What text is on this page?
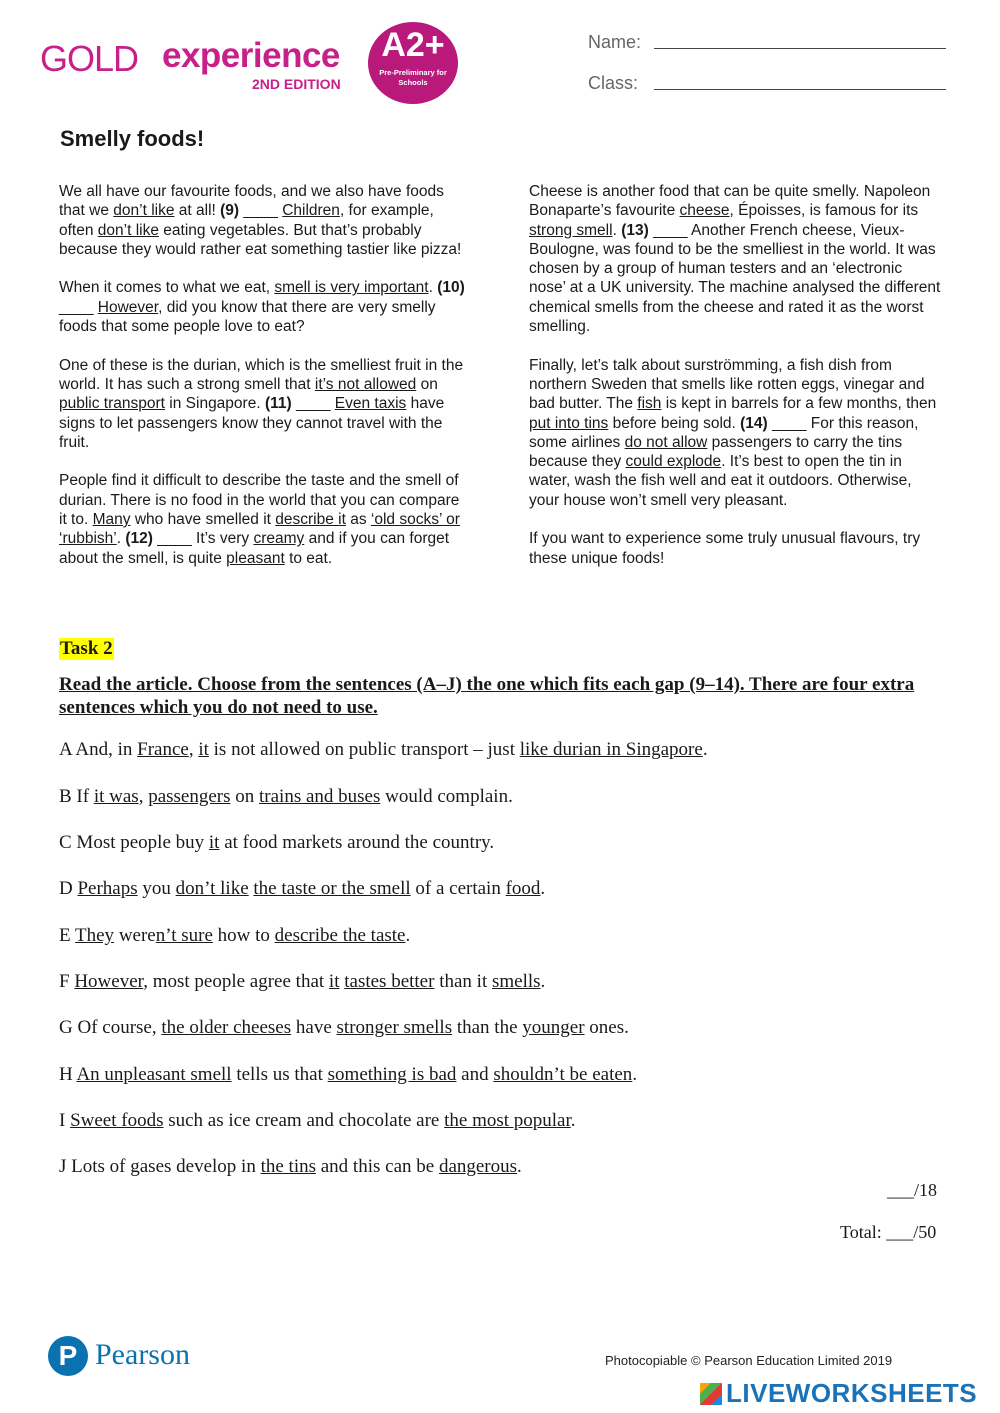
GOLD experience
2ND EDITION
A2+
Pre-Preliminary for Schools
Name:
Class:
Smelly foods!

We all have our favourite foods, and we also have foods that we don’t like at all! (9) ____ Children, for example, often don’t like eating vegetables. But that’s probably because they would rather eat something tastier like pizza!

When it comes to what we eat, smell is very important. (10) ____ However, did you know that there are very smelly foods that some people love to eat?

One of these is the durian, which is the smelliest fruit in the world. It has such a strong smell that it’s not allowed on public transport in Singapore. (11) ____ Even taxis have signs to let passengers know they cannot travel with the fruit.

People find it difficult to describe the taste and the smell of durian. There is no food in the world that you can compare it to. Many who have smelled it describe it as ‘old socks’ or ‘rubbish’. (12) ____ It’s very creamy and if you can forget about the smell, is quite pleasant to eat.

Cheese is another food that can be quite smelly. Napoleon Bonaparte’s favourite cheese, Époisses, is famous for its strong smell. (13) ____ Another French cheese, Vieux-Boulogne, was found to be the smelliest in the world. It was chosen by a group of human testers and an ‘electronic nose’ at a UK university. The machine analysed the different chemical smells from the cheese and rated it as the worst smelling.

Finally, let’s talk about surströmming, a fish dish from northern Sweden that smells like rotten eggs, vinegar and bad butter. The fish is kept in barrels for a few months, then put into tins before being sold. (14) ____ For this reason, some airlines do not allow passengers to carry the tins because they could explode. It’s best to open the tin in water, wash the fish well and eat it outdoors. Otherwise, your house won’t smell very pleasant.

If you want to experience some truly unusual flavours, try these unique foods!

Task 2
Read the article. Choose from the sentences (A–J) the one which fits each gap (9–14). There are four extra sentences which you do not need to use.
A And, in France, it is not allowed on public transport – just like durian in Singapore.
B If it was, passengers on trains and buses would complain.
C Most people buy it at food markets around the country.
D Perhaps you don’t like the taste or the smell of a certain food.
E They weren’t sure how to describe the taste.
F However, most people agree that it tastes better than it smells.
G Of course, the older cheeses have stronger smells than the younger ones.
H An unpleasant smell tells us that something is bad and shouldn’t be eaten.
I Sweet foods such as ice cream and chocolate are the most popular.
J Lots of gases develop in the tins and this can be dangerous.
___/18
Total: ___/50
P Pearson	Photocopiable © Pearson Education Limited 2019
LIVEWORKSHEETS
